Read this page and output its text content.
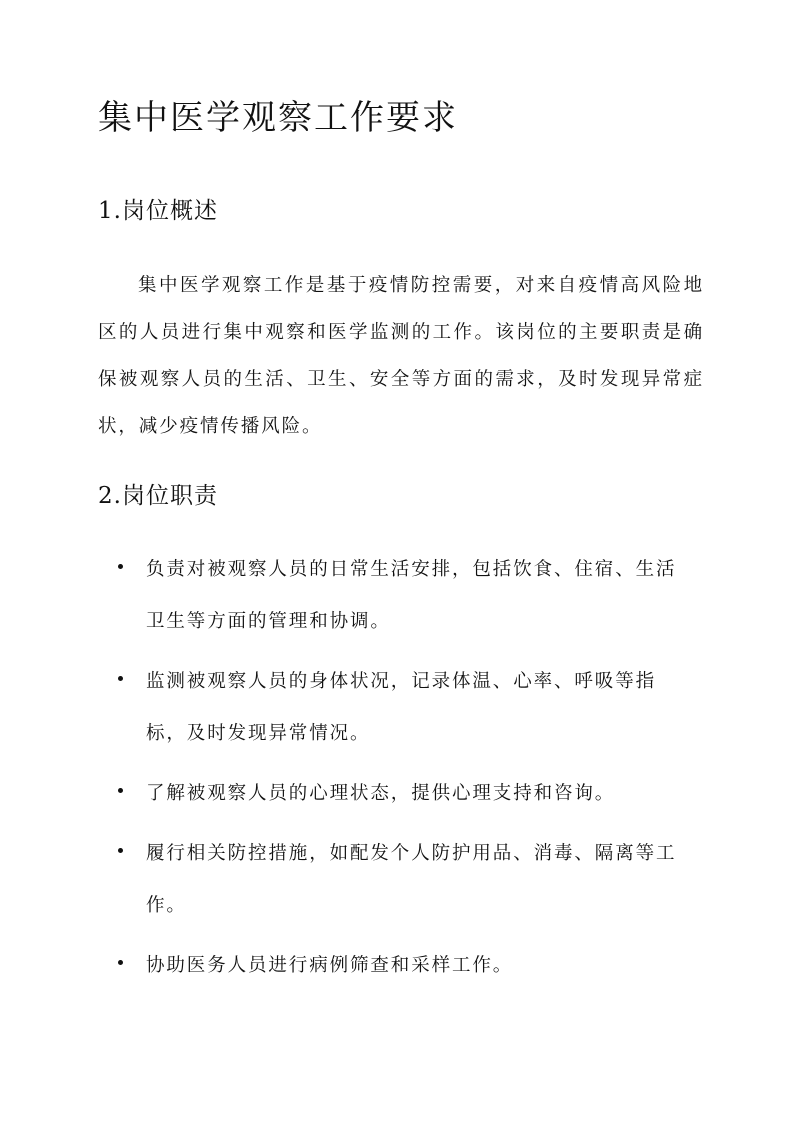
集中医学观察工作要求
1.岗位概述

集中医学观察工作是基于疫情防控需要，对来自疫情高风险地区的人员进行集中观察和医学监测的工作。该岗位的主要职责是确保被观察人员的生活、卫生、安全等方面的需求，及时发现异常症状，减少疫情传播风险。

2.岗位职责
负责对被观察人员的日常生活安排，包括饮食、住宿、生活卫生等方面的管理和协调。
监测被观察人员的身体状况，记录体温、心率、呼吸等指标，及时发现异常情况。
了解被观察人员的心理状态，提供心理支持和咨询。
履行相关防控措施，如配发个人防护用品、消毒、隔离等工作。
协助医务人员进行病例筛查和采样工作。
